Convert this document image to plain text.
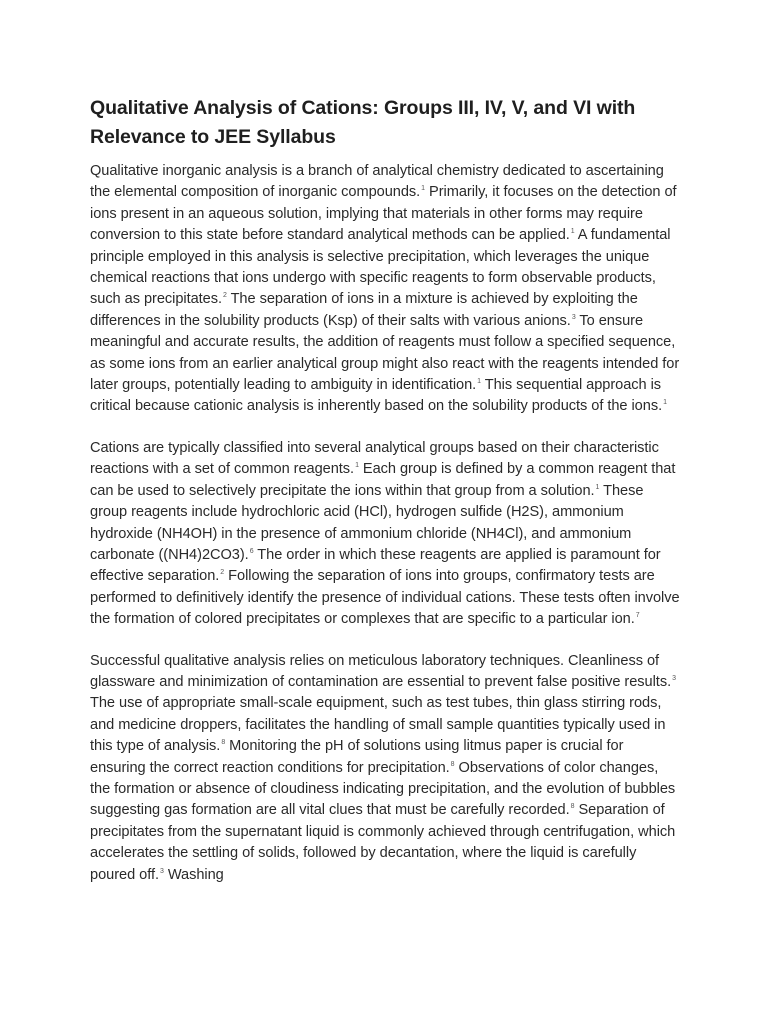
Qualitative Analysis of Cations: Groups III, IV, V, and VI with Relevance to JEE Syllabus

Qualitative inorganic analysis is a branch of analytical chemistry dedicated to ascertaining the elemental composition of inorganic compounds.$^1$ Primarily, it focuses on the detection of ions present in an aqueous solution, implying that materials in other forms may require conversion to this state before standard analytical methods can be applied.$^1$ A fundamental principle employed in this analysis is selective precipitation, which leverages the unique chemical reactions that ions undergo with specific reagents to form observable products, such as precipitates.$^2$ The separation of ions in a mixture is achieved by exploiting the differences in the solubility products (Ksp) of their salts with various anions.$^3$ To ensure meaningful and accurate results, the addition of reagents must follow a specified sequence, as some ions from an earlier analytical group might also react with the reagents intended for later groups, potentially leading to ambiguity in identification.$^1$ This sequential approach is critical because cationic analysis is inherently based on the solubility products of the ions.$^1$

Cations are typically classified into several analytical groups based on their characteristic reactions with a set of common reagents.$^1$ Each group is defined by a common reagent that can be used to selectively precipitate the ions within that group from a solution.$^1$ These group reagents include hydrochloric acid (HCl), hydrogen sulfide (H2S), ammonium hydroxide (NH4OH) in the presence of ammonium chloride (NH4Cl), and ammonium carbonate ((NH4)2CO3).$^6$ The order in which these reagents are applied is paramount for effective separation.$^2$ Following the separation of ions into groups, confirmatory tests are performed to definitively identify the presence of individual cations. These tests often involve the formation of colored precipitates or complexes that are specific to a particular ion.$^7$

Successful qualitative analysis relies on meticulous laboratory techniques. Cleanliness of glassware and minimization of contamination are essential to prevent false positive results.$^3$ The use of appropriate small-scale equipment, such as test tubes, thin glass stirring rods, and medicine droppers, facilitates the handling of small sample quantities typically used in this type of analysis.$^8$ Monitoring the pH of solutions using litmus paper is crucial for ensuring the correct reaction conditions for precipitation.$^8$ Observations of color changes, the formation or absence of cloudiness indicating precipitation, and the evolution of bubbles suggesting gas formation are all vital clues that must be carefully recorded.$^8$ Separation of precipitates from the supernatant liquid is commonly achieved through centrifugation, which accelerates the settling of solids, followed by decantation, where the liquid is carefully poured off.$^3$ Washing
